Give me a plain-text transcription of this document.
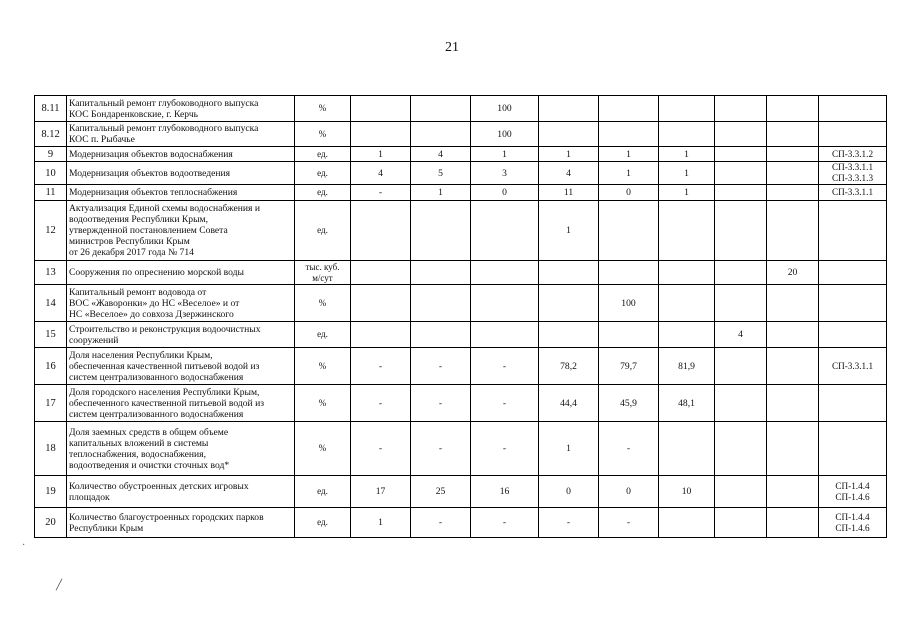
21
8.11	Капитальный ремонт глубоководного выпуска
КОС Бондаренковские, г. Керчь	%			100						
8.12	Капитальный ремонт глубоководного выпуска
КОС п. Рыбачье	%			100						
9	Модернизация объектов водоснабжения	ед.	1	4	1	1	1	1			СП-3.3.1.2

10	Модернизация объектов водоотведения	ед.	4	5	3	4	1	1			СП-3.3.1.1
СП-3.3.1.3

11	Модернизация объектов теплоснабжения	ед.	-	1	0	11	0	1			СП-3.3.1.1

12	Актуализация Единой схемы водоснабжения и
водоотведения Республики Крым,
утвержденной постановлением Совета
министров Республики Крым
от 26 декабря 2017 года № 714	ед.				1					
13	Сооружения по опреснению морской воды	тыс. куб.
м/сут								20	
14	Капитальный ремонт водовода от
ВОС «Жаворонки» до НС «Веселое» и от
НС «Веселое» до совхоза Дзержинского	%					100				
15	Строительство и реконструкция водоочистных
сооружений	ед.							4		
16	Доля населения Республики Крым,
обеспеченная качественной питьевой водой из
систем централизованного водоснабжения	%	-	-	-	78,2	79,7	81,9			СП-3.3.1.1

17	Доля городского населения Республики Крым,
обеспеченного качественной питьевой водой из
систем централизованного водоснабжения	%	-	-	-	44,4	45,9	48,1			
18	Доля заемных средств в общем объеме
капитальных вложений в системы
теплоснабжения, водоснабжения,
водоотведения и очистки сточных вод*	%	-	-	-	1	-				
19	Количество обустроенных детских игровых
площадок	ед.	17	25	16	0	0	10			СП-1.4.4
СП-1.4.6

20	Количество благоустроенных городских парков
Республики Крым	ед.	1	-	-	-	-				СП-1.4.4
СП-1.4.6
·
╱
